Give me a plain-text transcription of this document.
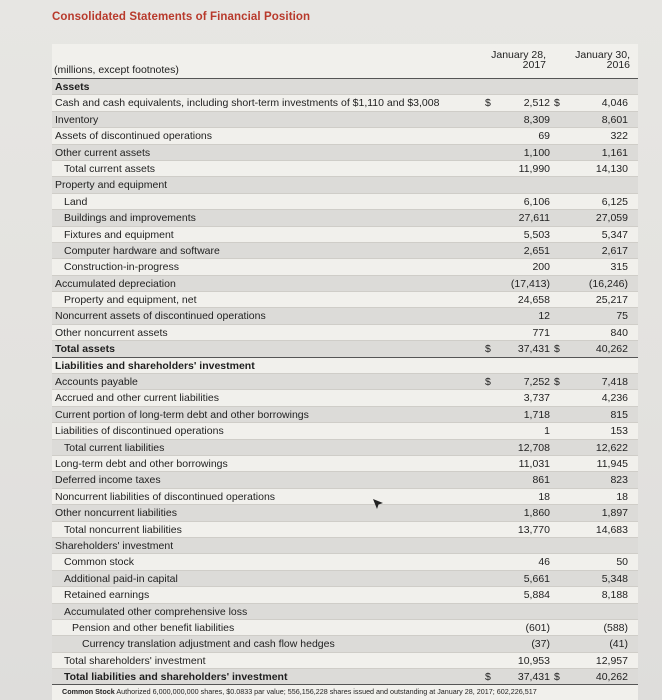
Consolidated Statements of Financial Position
(millions, except footnotes)
January 28,
2017
January 30,
2016
Assets
Cash and cash equivalents, including short-term investments of $1,110 and $3,008	$	2,512 $	4,046
Inventory	8,309	8,601
Assets of discontinued operations	69	322
Other current assets	1,100	1,161
Total current assets	11,990	14,130
Property and equipment
Land	6,106	6,125
Buildings and improvements	27,611	27,059
Fixtures and equipment	5,503	5,347
Computer hardware and software	2,651	2,617
Construction-in-progress	200	315
Accumulated depreciation	(17,413)	(16,246)
Property and equipment, net	24,658	25,217
Noncurrent assets of discontinued operations	12	75
Other noncurrent assets	771	840
Total assets	$	37,431 $	40,262
Liabilities and shareholders' investment
Accounts payable	$	7,252 $	7,418
Accrued and other current liabilities	3,737	4,236
Current portion of long-term debt and other borrowings	1,718	815
Liabilities of discontinued operations	1	153
Total current liabilities	12,708	12,622
Long-term debt and other borrowings	11,031	11,945
Deferred income taxes	861	823
Noncurrent liabilities of discontinued operations	18	18
Other noncurrent liabilities	1,860	1,897
Total noncurrent liabilities	13,770	14,683
Shareholders' investment
Common stock	46	50
Additional paid-in capital	5,661	5,348
Retained earnings	5,884	8,188
Accumulated other comprehensive loss
Pension and other benefit liabilities	(601)	(588)
Currency translation adjustment and cash flow hedges	(37)	(41)
Total shareholders' investment	10,953	12,957
Total liabilities and shareholders' investment	$	37,431 $	40,262
Common Stock Authorized 6,000,000,000 shares, $0.0833 par value; 556,156,228 shares issued and outstanding at January 28, 2017; 602,226,517
